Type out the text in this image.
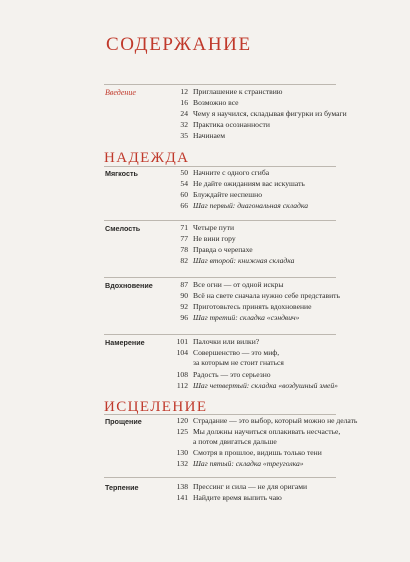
СОДЕРЖАНИЕ
Введение	12 Приглашение к странствию
16 Возможно все
24 Чему я научился, складывая фигурки из бумаги
32 Практика осознанности
35 Начинаем
НАДЕЖДА
Мягкость	50 Начните с одного сгиба
54 Не дайте ожиданиям вас искушать
60 Блуждайте неспешно
66 Шаг первый: диагональная складка
Смелость	71 Четыре пути
77 Не вини гору
78 Правда о черепахе
82 Шаг второй: книжная складка
Вдохновение	87 Все огни — от одной искры
90 Всё на свете сначала нужно себе представить
92 Приготовьтесь принять вдохновение
96 Шаг третий: складка «сэндвич»
Намерение	101 Палочки или вилки?
104 Совершенство — это миф,
за которым не стоит гнаться
108 Радость — это серьезно
112 Шаг четвертый: складка «воздушный змей»
ИСЦЕЛЕНИЕ
Прощение	120 Страдание — это выбор, который можно не делать
125 Мы должны научиться оплакивать несчастье,
а потом двигаться дальше
130 Смотря в прошлое, видишь только тени
132 Шаг пятый: складка «треуголка»
Терпение	138 Прессинг и сила — не для оригами
141 Найдите время выпить чаю
